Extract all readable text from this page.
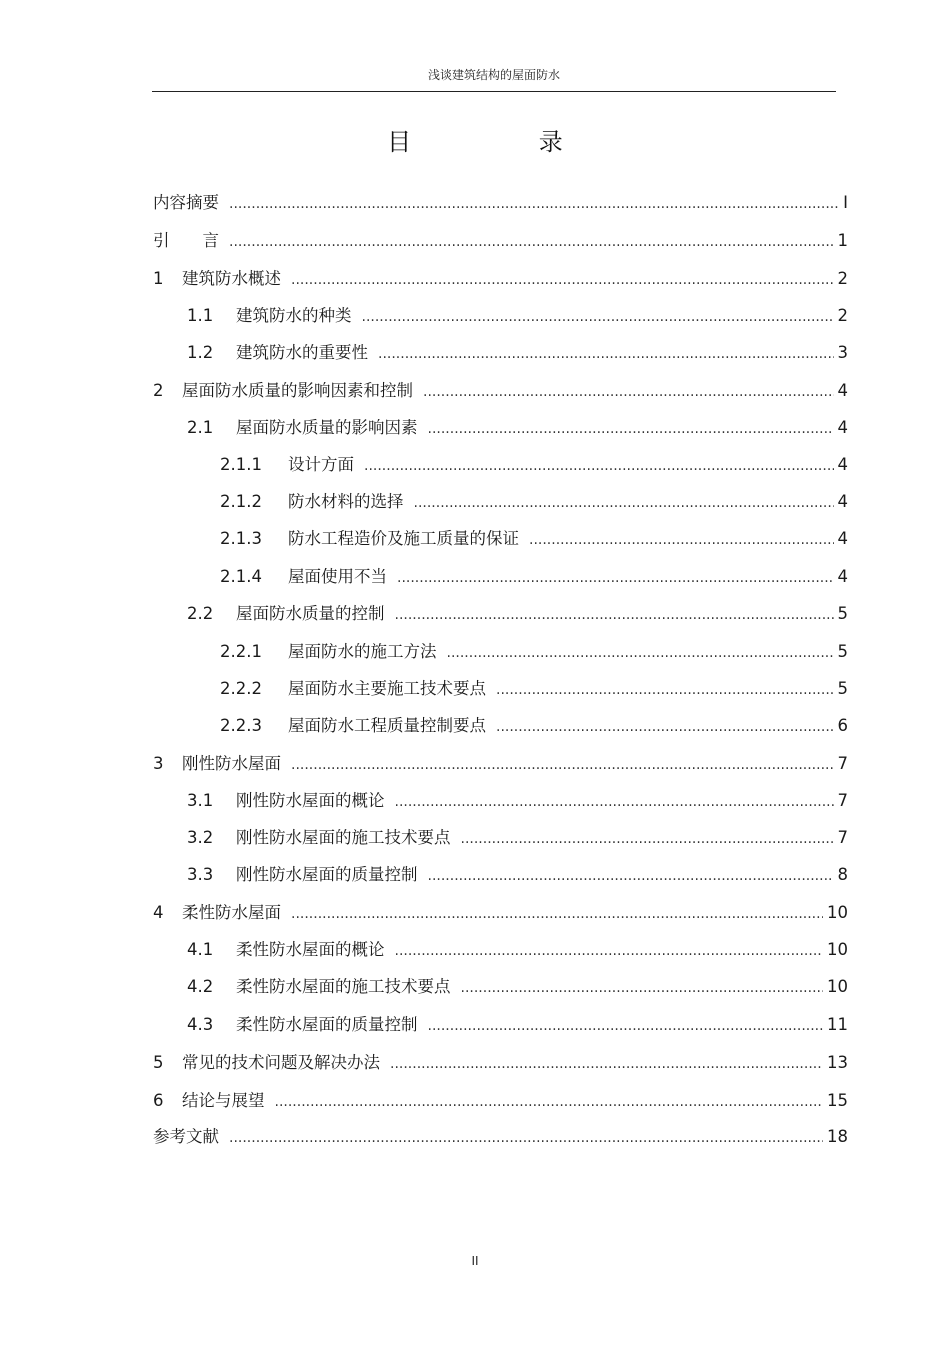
浅谈建筑结构的屋面防水
目 录
内容摘要 .....	I
引　　言 .....	1
1	建筑防水概述 .....	2
1.1	建筑防水的种类 .....	2
1.2	建筑防水的重要性 .....	3
2	屋面防水质量的影响因素和控制 .....	4
2.1	屋面防水质量的影响因素 .....	4
2.1.1	设计方面 .....	4
2.1.2	防水材料的选择 .....	4
2.1.3	防水工程造价及施工质量的保证 .....	4
2.1.4	屋面使用不当 .....	4
2.2	屋面防水质量的控制 .....	5
2.2.1	屋面防水的施工方法 .....	5
2.2.2	屋面防水主要施工技术要点 .....	5
2.2.3	屋面防水工程质量控制要点 .....	6
3	刚性防水屋面 .....	7
3.1	刚性防水屋面的概论 .....	7
3.2	刚性防水屋面的施工技术要点 .....	7
3.3	刚性防水屋面的质量控制 .....	8
4	柔性防水屋面 .....	10
4.1	柔性防水屋面的概论 .....	10
4.2	柔性防水屋面的施工技术要点 .....	10
4.3	柔性防水屋面的质量控制 .....	11
5	常见的技术问题及解决办法 .....	13
6	结论与展望 .....	15
参考文献 .....	18
II
